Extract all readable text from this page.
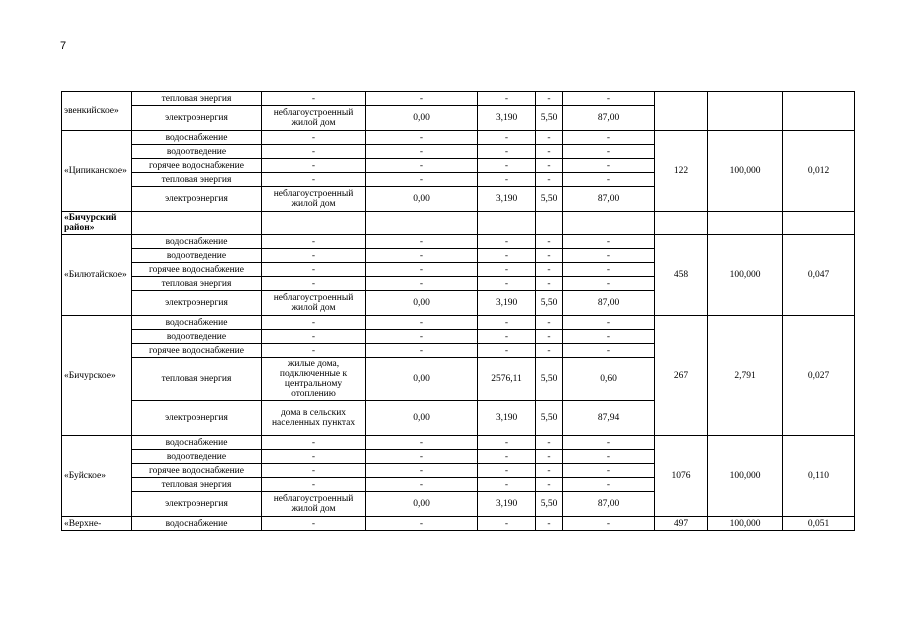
7
эвенкийское»	тепловая энергия	-	-	-	-	-			
	электроэнергия	неблагоустроенный жилой дом	0,00	3,190	5,50	87,00			
«Ципиканское»	водоснабжение	-	-	-	-	-	122	100,000	0,012
	водоотведение	-	-	-	-	-			
	горячее водоснабжение	-	-	-	-	-			
	тепловая энергия	-	-	-	-	-			
	электроэнергия	неблагоустроенный жилой дом	0,00	3,190	5,50	87,00			
«Бичурский район»									
«Билютайское»	водоснабжение	-	-	-	-	-	458	100,000	0,047
	водоотведение	-	-	-	-	-			
	горячее водоснабжение	-	-	-	-	-			
	тепловая энергия	-	-	-	-	-			
	электроэнергия	неблагоустроенный жилой дом	0,00	3,190	5,50	87,00			
«Бичурское»	водоснабжение	-	-	-	-	-	267	2,791	0,027
	водоотведение	-	-	-	-	-			
	горячее водоснабжение	-	-	-	-	-			
	тепловая энергия	жилые дома, подключенные к центральному отоплению	0,00	2576,11	5,50	0,60			
	электроэнергия	дома в сельских населенных пунктах	0,00	3,190	5,50	87,94			
«Буйское»	водоснабжение	-	-	-	-	-	1076	100,000	0,110
	водоотведение	-	-	-	-	-			
	горячее водоснабжение	-	-	-	-	-			
	тепловая энергия	-	-	-	-	-			
	электроэнергия	неблагоустроенный жилой дом	0,00	3,190	5,50	87,00			
«Верхне-	водоснабжение	-	-	-	-	-	497	100,000	0,051
